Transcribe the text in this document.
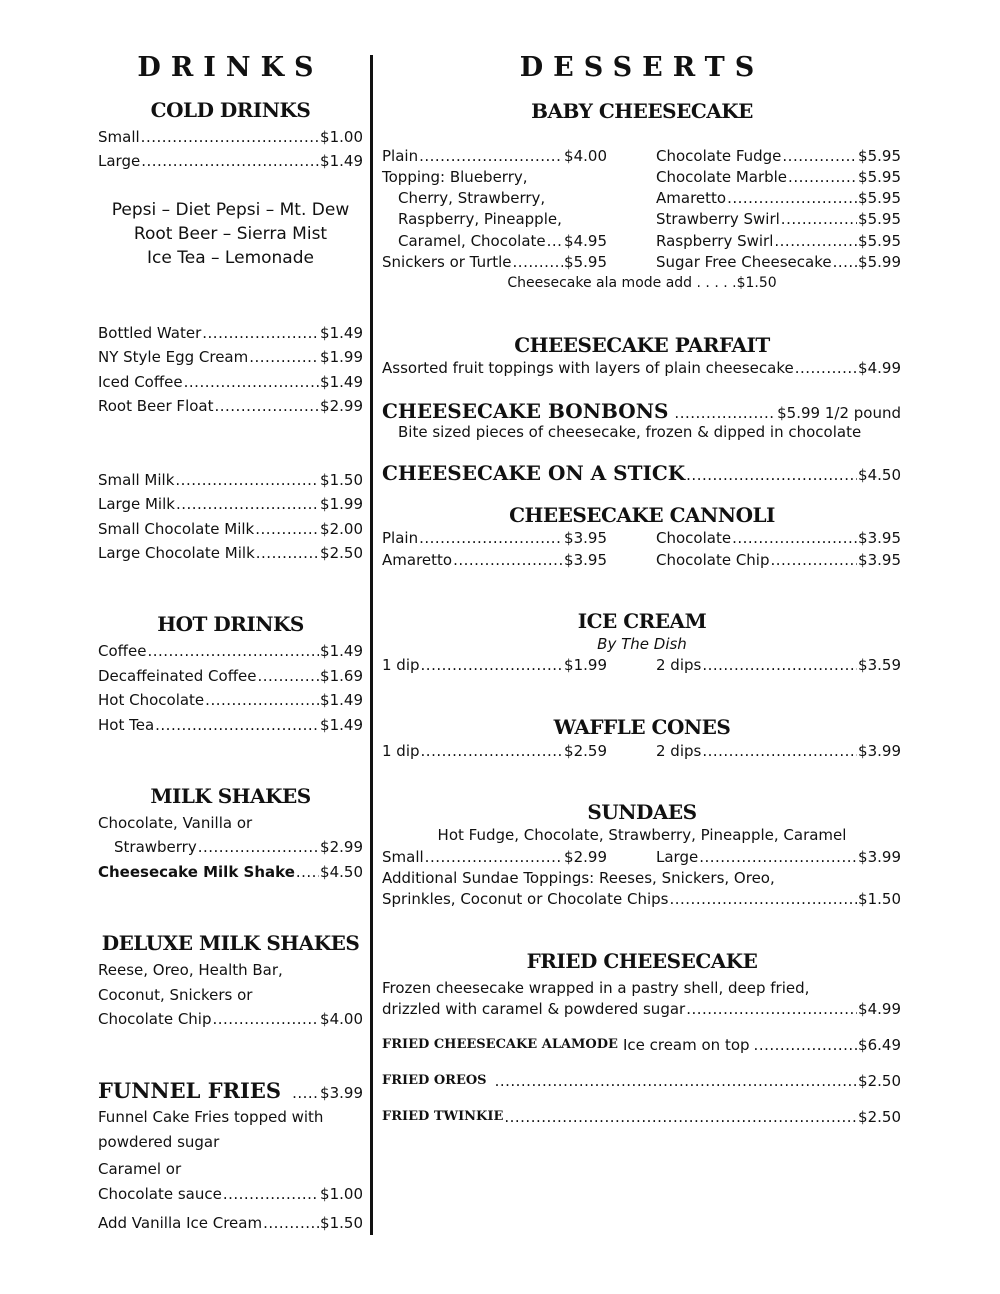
DRINKS
COLD DRINKS
Small .....	$1.00
Large .....	$1.49
Pepsi – Diet Pepsi – Mt. Dew
Root Beer – Sierra Mist
Ice Tea – Lemonade
Bottled Water .....	$1.49
NY Style Egg Cream .....	$1.99
Iced Coffee .....	$1.49
Root Beer Float .....	$2.99
Small Milk .....	$1.50
Large Milk .....	$1.99
Small Chocolate Milk .....	$2.00
Large Chocolate Milk .....	$2.50
HOT DRINKS
Coffee .....	$1.49
Decaffeinated Coffee .....	$1.69
Hot Chocolate .....	$1.49
Hot Tea .....	$1.49
MILK SHAKES
Chocolate, Vanilla or
Strawberry .....	$2.99
Cheesecake Milk Shake ..... $4.50
DELUXE MILK SHAKES
Reese, Oreo, Health Bar,
Coconut, Snickers or
Chocolate Chip .....	$4.00
FUNNEL FRIES .....	$3.99
Funnel Cake Fries topped with
powdered sugar
Caramel or
Chocolate sauce .....	$1.00
Add Vanilla Ice Cream .....	$1.50
DESSERTS
BABY CHEESECAKE
Plain .....	$4.00
Topping: Blueberry,
Cherry, Strawberry,
Raspberry, Pineapple,
Caramel, Chocolate ..... $4.95
Snickers or Turtle .....	$5.95
Chocolate Fudge .....	$5.95
Chocolate Marble .....	$5.95
Amaretto .....	$5.95
Strawberry Swirl .....	$5.95
Raspberry Swirl .....	$5.95
Sugar Free Cheesecake ..... $5.99
Cheesecake ala mode add . . . . .$1.50
CHEESECAKE PARFAIT
Assorted fruit toppings with layers of plain cheesecake .....	$4.99
CHEESECAKE BONBONS .....	$5.99 1/2 pound
Bite sized pieces of cheesecake, frozen & dipped in chocolate
CHEESECAKE ON A STICK .....	$4.50
CHEESECAKE CANNOLI
Plain .....	$3.95
Amaretto .....	$3.95
Chocolate .....	$3.95
Chocolate Chip .....	$3.95
ICE CREAM
By The Dish
1 dip .....	$1.99	2 dips .....	$3.59
WAFFLE CONES
1 dip .....	$2.59	2 dips .....	$3.99
SUNDAES
Hot Fudge, Chocolate, Strawberry, Pineapple, Caramel
Small .....	$2.99	Large .....	$3.99
Additional Sundae Toppings: Reeses, Snickers, Oreo,
Sprinkles, Coconut or Chocolate Chips .....	$1.50
FRIED CHEESECAKE
Frozen cheesecake wrapped in a pastry shell, deep fried,
drizzled with caramel & powdered sugar .....	$4.99
FRIED CHEESECAKE ALAMODE Ice cream on top .....	$6.49
FRIED OREOS .....	$2.50
FRIED TWINKIE .....	$2.50
